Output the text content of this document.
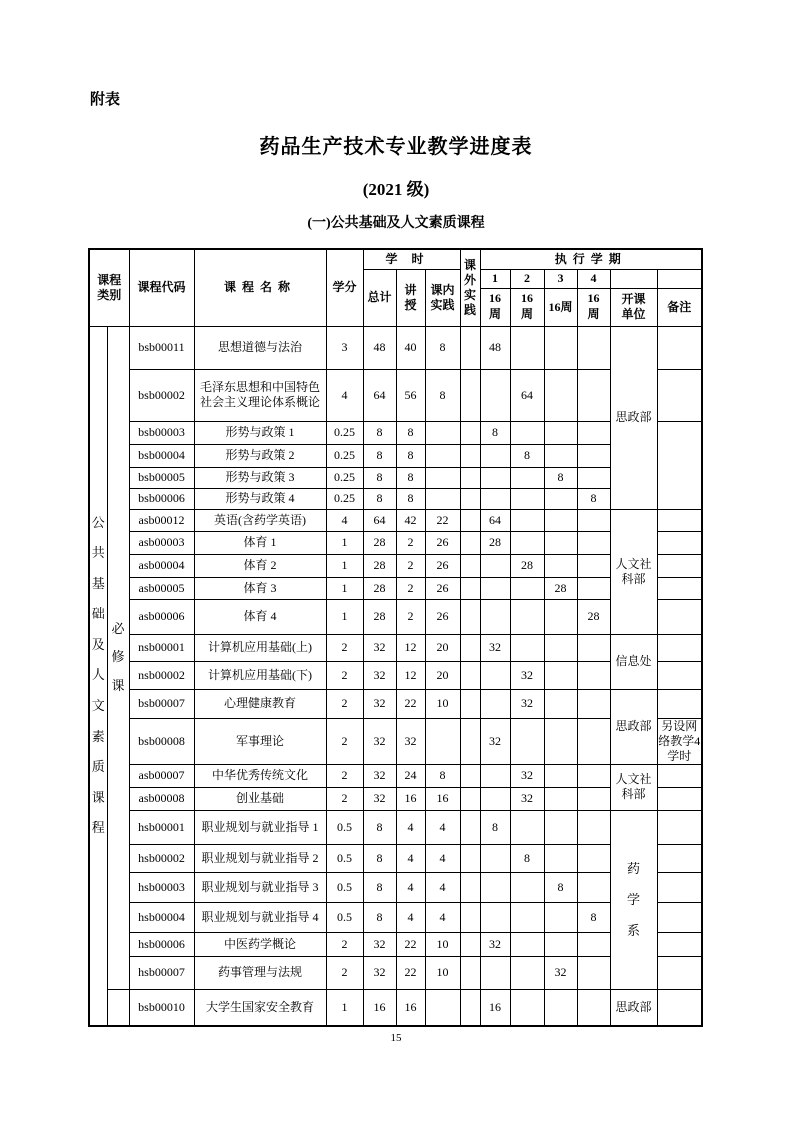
附表
药品生产技术专业教学进度表
(2021 级)
(一)公共基础及人文素质课程
课程类别		课程代码	课程名称	学分	学时			课外实践	执行学期					
					总计	讲授	课内实践		1	2	3	4		

									16周	16周	16周	16周	开课单位	备注

公共基础及人文素质课程	必修课	bsb00011	思想道德与法治	3	48	40	8		48				思政部	
		bsb00002	毛泽东思想和中国特色社会主义理论体系概论	4	64	56	8			64				
		bsb00003	形势与政策 1	0.25	8	8			8					
		bsb00004	形势与政策 2	0.25	8	8				8				
		bsb00005	形势与政策 3	0.25	8	8					8			
		bsb00006	形势与政策 4	0.25	8	8						8		
		asb00012	英语(含药学英语)	4	64	42	22		64				人文社科部	
		asb00003	体育 1	1	28	2	26		28					
		asb00004	体育 2	1	28	2	26			28				
		asb00005	体育 3	1	28	2	26				28			
		asb00006	体育 4	1	28	2	26					28		
		nsb00001	计算机应用基础(上)	2	32	12	20		32				信息处	
		nsb00002	计算机应用基础(下)	2	32	12	20			32				
		bsb00007	心理健康教育	2	32	22	10			32			思政部	
		bsb00008	军事理论	2	32	32			32					另设网络教学4 学时
		asb00007	中华优秀传统文化	2	32	24	8			32			人文社科部	
		asb00008	创业基础	2	32	16	16			32				
		hsb00001	职业规划与就业指导 1	0.5	8	4	4		8				药学系	

		hsb00002	职业规划与就业指导 2	0.5	8	4	4			8				
		hsb00003	职业规划与就业指导 3	0.5	8	4	4				8			
		hsb00004	职业规划与就业指导 4	0.5	8	4	4					8		
		hsb00006	中医药学概论	2	32	22	10		32					
		hsb00007	药事管理与法规	2	32	22	10				32			
		bsb00010	大学生国家安全教育	1	16	16			16				思政部	
15
